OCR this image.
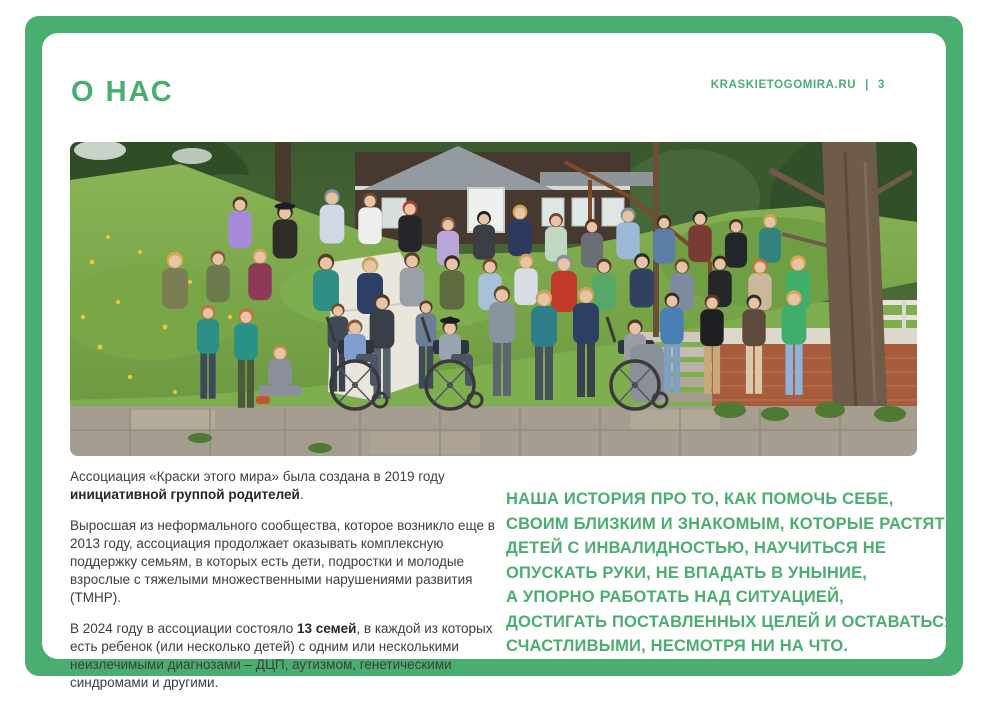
О НАС	KRASKIETOGOMIRA.RU | 3

Ассоциация «Краски этого мира» была создана в 2019 году инициативной группой родителей.

Выросшая из неформального сообщества, которое возникло еще в 2013 году, ассоциация продолжает оказывать комплексную поддержку семьям, в которых есть дети, подростки и молодые взрослые с тяжелыми множественными нарушениями развития (ТМНР).

В 2024 году в ассоциации состояло 13 семей, в каждой из которых есть ребенок (или несколько детей) с одним или несколькими неизлечимыми диагнозами – ДЦП, аутизмом, генетическими синдромами и другими.

НАША ИСТОРИЯ ПРО ТО, КАК ПОМОЧЬ СЕБЕ,
СВОИМ БЛИЗКИМ И ЗНАКОМЫМ, КОТОРЫЕ РАСТЯТ
ДЕТЕЙ С ИНВАЛИДНОСТЬЮ, НАУЧИТЬСЯ НЕ
ОПУСКАТЬ РУКИ, НЕ ВПАДАТЬ В УНЫНИЕ,
А УПОРНО РАБОТАТЬ НАД СИТУАЦИЕЙ,
ДОСТИГАТЬ ПОСТАВЛЕННЫХ ЦЕЛЕЙ И ОСТАВАТЬСЯ
СЧАСТЛИВЫМИ, НЕСМОТРЯ НИ НА ЧТО.
